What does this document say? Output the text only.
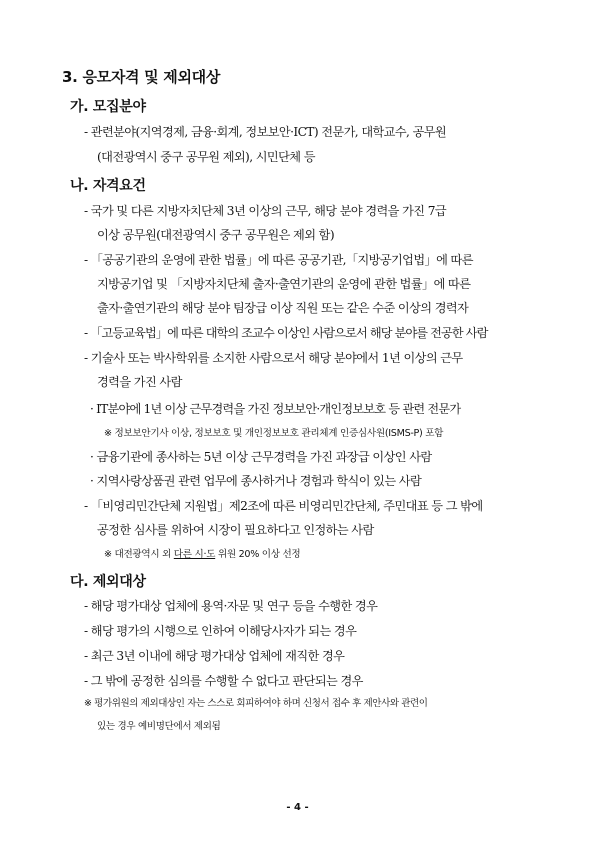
3. 응모자격 및 제외대상
가. 모집분야
- 관련분야(지역경제, 금융·회계, 정보보안·ICT) 전문가, 대학교수, 공무원
(대전광역시 중구 공무원 제외), 시민단체 등
나. 자격요건
- 국가 및 다른 지방자치단체 3년 이상의 근무, 해당 분야 경력을 가진 7급
이상 공무원(대전광역시 중구 공무원은 제외 함)
- 「공공기관의 운영에 관한 법률」에 따른 공공기관,「지방공기업법」에 따른
지방공기업 및 「지방자치단체 출자·출연기관의 운영에 관한 법률」에 따른
출자·출연기관의 해당 분야 팀장급 이상 직원 또는 같은 수준 이상의 경력자
- 「고등교육법」에 따른 대학의 조교수 이상인 사람으로서 해당 분야를 전공한 사람
- 기술사 또는 박사학위를 소지한 사람으로서 해당 분야에서 1년 이상의 근무
경력을 가진 사람
· IT분야에 1년 이상 근무경력을 가진 정보보안·개인정보보호 등 관련 전문가
※ 정보보안기사 이상, 정보보호 및 개인정보보호 관리체계 인증심사원(ISMS-P) 포함
· 금융기관에 종사하는 5년 이상 근무경력을 가진 과장급 이상인 사람
· 지역사랑상품권 관련 업무에 종사하거나 경험과 학식이 있는 사람
- 「비영리민간단체 지원법」제2조에 따른 비영리민간단체, 주민대표 등 그 밖에
공정한 심사를 위하여 시장이 필요하다고 인정하는 사람
※ 대전광역시 외 다른 시·도 위원 20% 이상 선정
다. 제외대상
- 해당 평가대상 업체에 용역·자문 및 연구 등을 수행한 경우
- 해당 평가의 시행으로 인하여 이해당사자가 되는 경우
- 최근 3년 이내에 해당 평가대상 업체에 재직한 경우
- 그 밖에 공정한 심의를 수행할 수 없다고 판단되는 경우
※ 평가위원의 제외대상인 자는 스스로 회피하여야 하며 신청서 접수 후 제안사와 관련이
있는 경우 예비명단에서 제외됨
- 4 -
